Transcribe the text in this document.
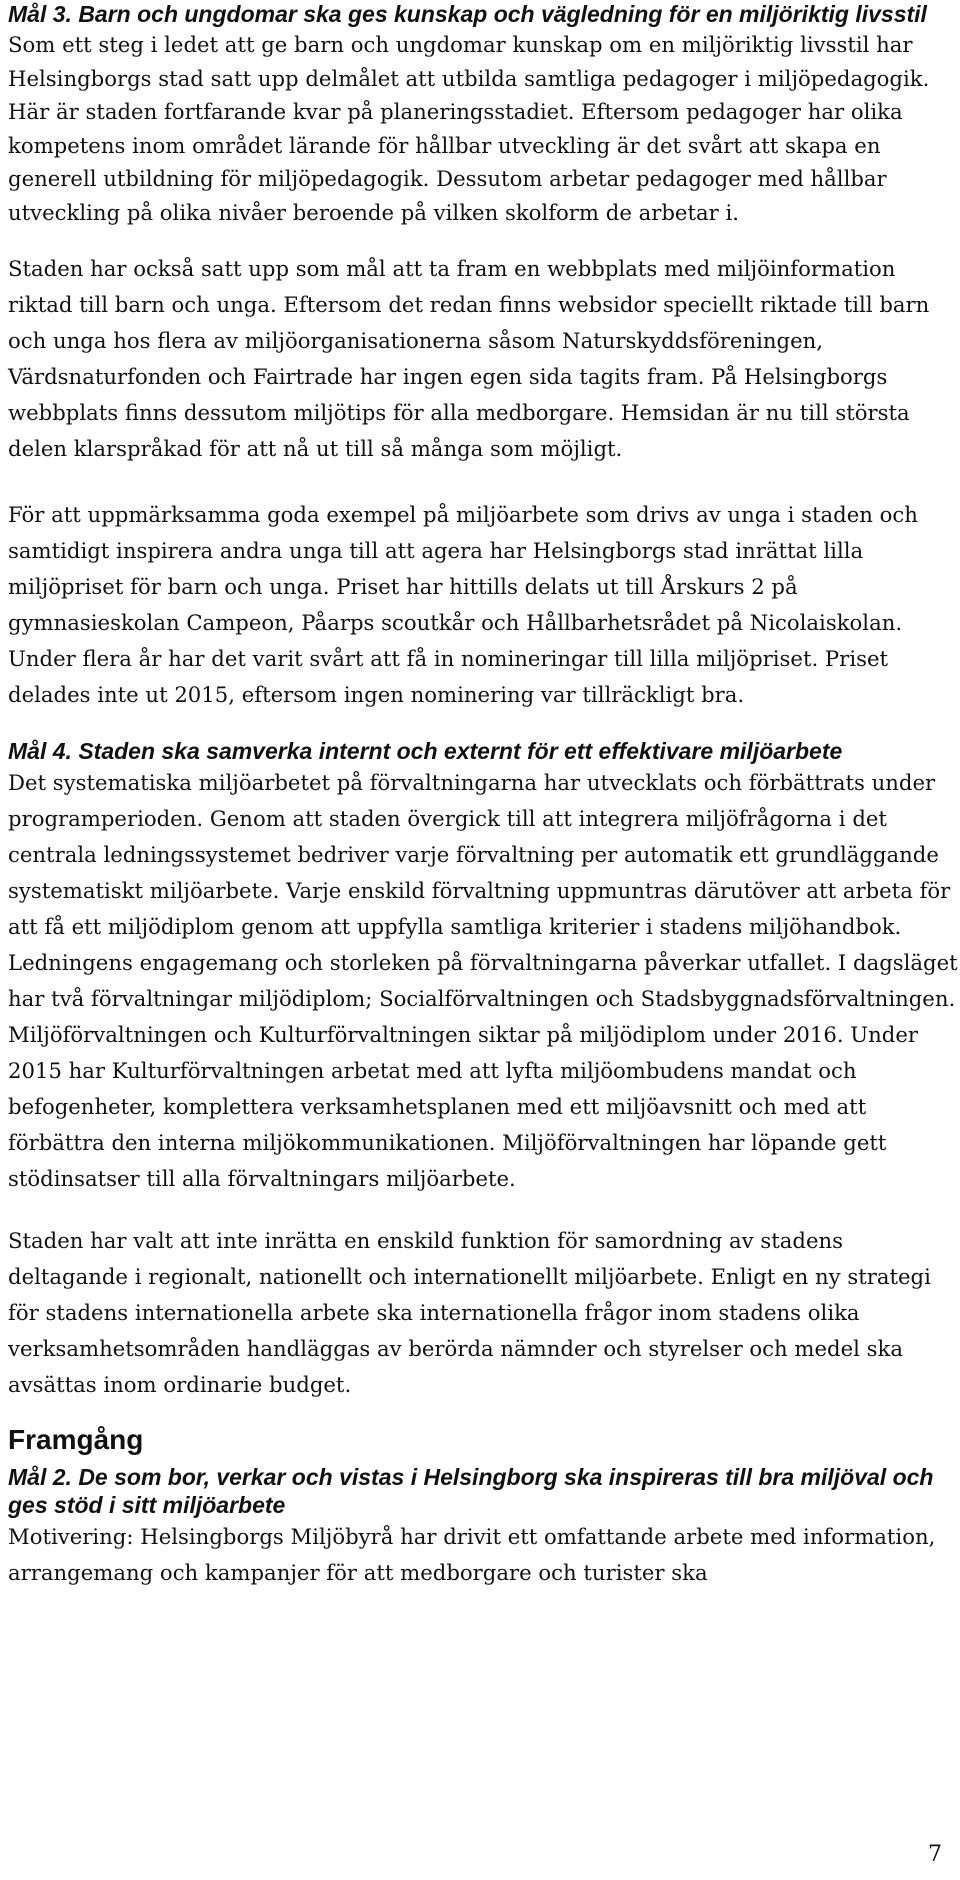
Mål 3. Barn och ungdomar ska ges kunskap och vägledning för en miljöriktig livsstil

Som ett steg i ledet att ge barn och ungdomar kunskap om en miljöriktig livsstil har Helsingborgs stad satt upp delmålet att utbilda samtliga pedagoger i miljöpedagogik. Här är staden fortfarande kvar på planeringsstadiet. Eftersom pedagoger har olika kompetens inom området lärande för hållbar utveckling är det svårt att skapa en generell utbildning för miljöpedagogik. Dessutom arbetar pedagoger med hållbar utveckling på olika nivåer beroende på vilken skolform de arbetar i.

Staden har också satt upp som mål att ta fram en webbplats med miljöinformation riktad till barn och unga. Eftersom det redan finns websidor speciellt riktade till barn och unga hos flera av miljöorganisationerna såsom Naturskyddsföreningen, Värdsnaturfonden och Fairtrade har ingen egen sida tagits fram. På Helsingborgs webbplats finns dessutom miljötips för alla medborgare. Hemsidan är nu till största delen klarspråkad för att nå ut till så många som möjligt.

För att uppmärksamma goda exempel på miljöarbete som drivs av unga i staden och samtidigt inspirera andra unga till att agera har Helsingborgs stad inrättat lilla miljöpriset för barn och unga. Priset har hittills delats ut till Årskurs 2 på gymnasieskolan Campeon, Påarps scoutkår och Hållbarhetsrådet på Nicolaiskolan. Under flera år har det varit svårt att få in nomineringar till lilla miljöpriset. Priset delades inte ut 2015, eftersom ingen nominering var tillräckligt bra.

Mål 4. Staden ska samverka internt och externt för ett effektivare miljöarbete

Det systematiska miljöarbetet på förvaltningarna har utvecklats och förbättrats under programperioden. Genom att staden övergick till att integrera miljöfrågorna i det centrala ledningssystemet bedriver varje förvaltning per automatik ett grundläggande systematiskt miljöarbete. Varje enskild förvaltning uppmuntras därutöver att arbeta för att få ett miljödiplom genom att uppfylla samtliga kriterier i stadens miljöhandbok. Ledningens engagemang och storleken på förvaltningarna påverkar utfallet. I dagsläget har två förvaltningar miljödiplom; Socialförvaltningen och Stadsbyggnadsförvaltningen. Miljöförvaltningen och Kulturförvaltningen siktar på miljödiplom under 2016. Under 2015 har Kulturförvaltningen arbetat med att lyfta miljöombudens mandat och befogenheter, komplettera verksamhetsplanen med ett miljöavsnitt och med att förbättra den interna miljökommunikationen. Miljöförvaltningen har löpande gett stödinsatser till alla förvaltningars miljöarbete.

Staden har valt att inte inrätta en enskild funktion för samordning av stadens deltagande i regionalt, nationellt och internationellt miljöarbete. Enligt en ny strategi för stadens internationella arbete ska internationella frågor inom stadens olika verksamhetsområden handläggas av berörda nämnder och styrelser och medel ska avsättas inom ordinarie budget.

Framgång
Mål 2. De som bor, verkar och vistas i Helsingborg ska inspireras till bra miljöval och ges stöd i sitt miljöarbete

Motivering: Helsingborgs Miljöbyrå har drivit ett omfattande arbete med information, arrangemang och kampanjer för att medborgare och turister ska

7
